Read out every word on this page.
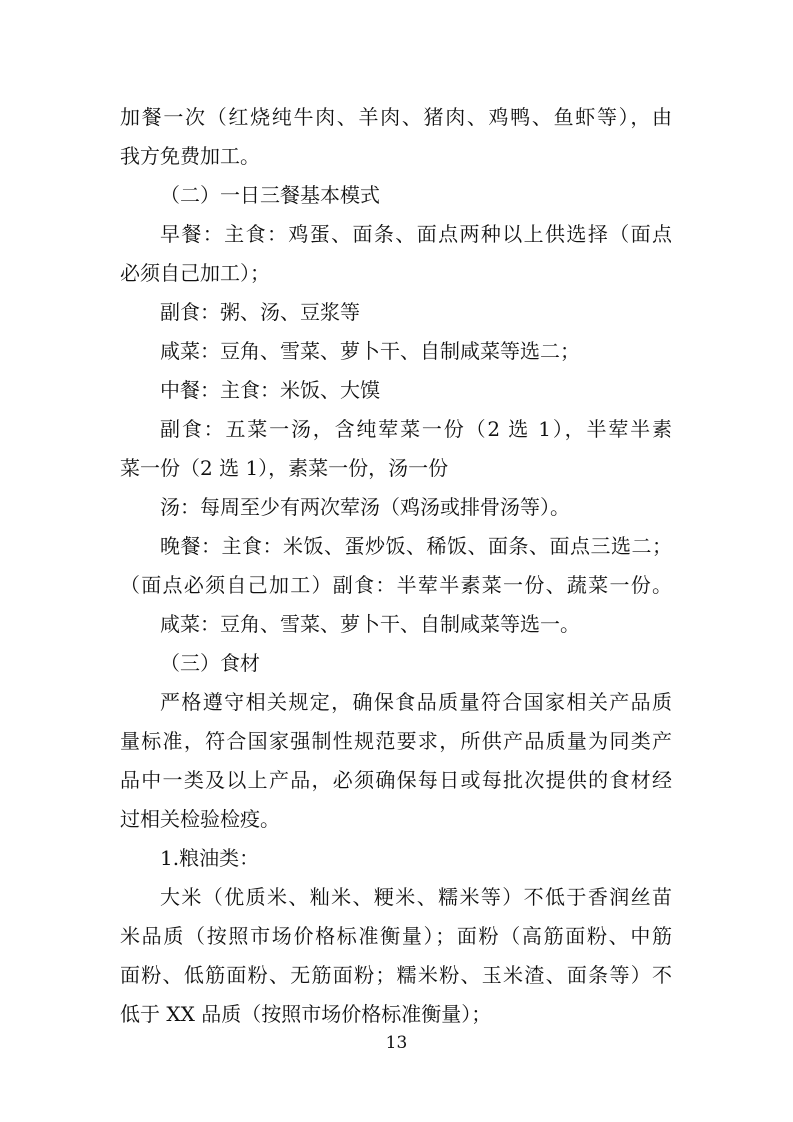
加餐一次（红烧纯牛肉、羊肉、猪肉、鸡鸭、鱼虾等），由
我方免费加工。
（二）一日三餐基本模式
早餐：主食：鸡蛋、面条、面点两种以上供选择（面点
必须自己加工）；
副食：粥、汤、豆浆等
咸菜：豆角、雪菜、萝卜干、自制咸菜等选二；
中餐：主食：米饭、大馍
副食：五菜一汤，含纯荤菜一份（2 选 1），半荤半素
菜一份（2 选 1），素菜一份，汤一份
汤：每周至少有两次荤汤（鸡汤或排骨汤等）。
晚餐：主食：米饭、蛋炒饭、稀饭、面条、面点三选二；
（面点必须自己加工）副食：半荤半素菜一份、蔬菜一份。
咸菜：豆角、雪菜、萝卜干、自制咸菜等选一。
（三）食材
严格遵守相关规定，确保食品质量符合国家相关产品质
量标准，符合国家强制性规范要求，所供产品质量为同类产
品中一类及以上产品，必须确保每日或每批次提供的食材经
过相关检验检疫。
1.粮油类：
大米（优质米、籼米、粳米、糯米等）不低于香润丝苗
米品质（按照市场价格标准衡量）；面粉（高筋面粉、中筋
面粉、低筋面粉、无筋面粉；糯米粉、玉米渣、面条等）不
低于 XX 品质（按照市场价格标准衡量）；
13
